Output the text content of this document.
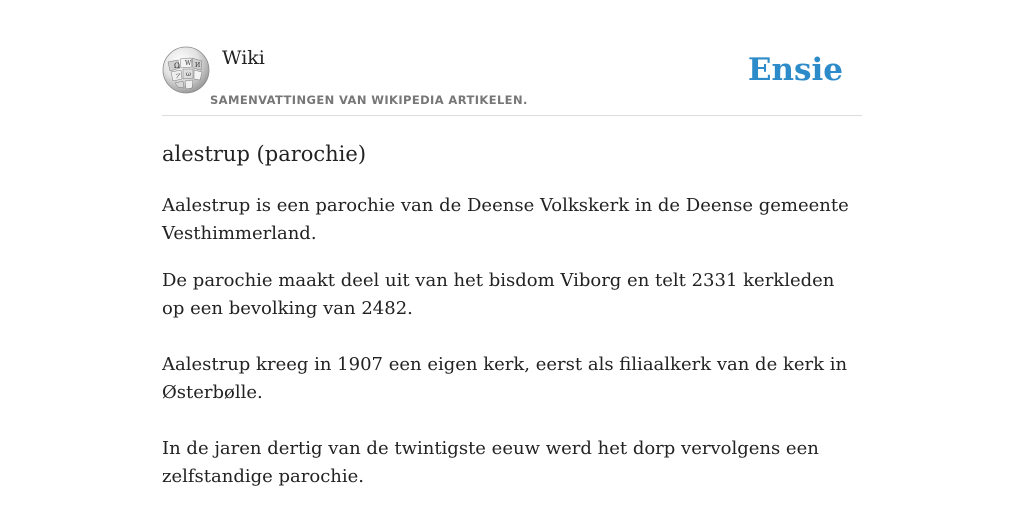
Ω W И
ω
ア
Wiki
SAMENVATTINGEN VAN WIKIPEDIA ARTIKELEN.
Ensie
alestrup (parochie)

Aalestrup is een parochie van de Deense Volkskerk in de Deense gemeente Vesthimmerland.

De parochie maakt deel uit van het bisdom Viborg en telt 2331 kerkleden op een bevolking van 2482.

Aalestrup kreeg in 1907 een eigen kerk, eerst als filiaalkerk van de kerk in Østerbølle.

In de jaren dertig van de twintigste eeuw werd het dorp vervolgens een zelfstandige parochie.
